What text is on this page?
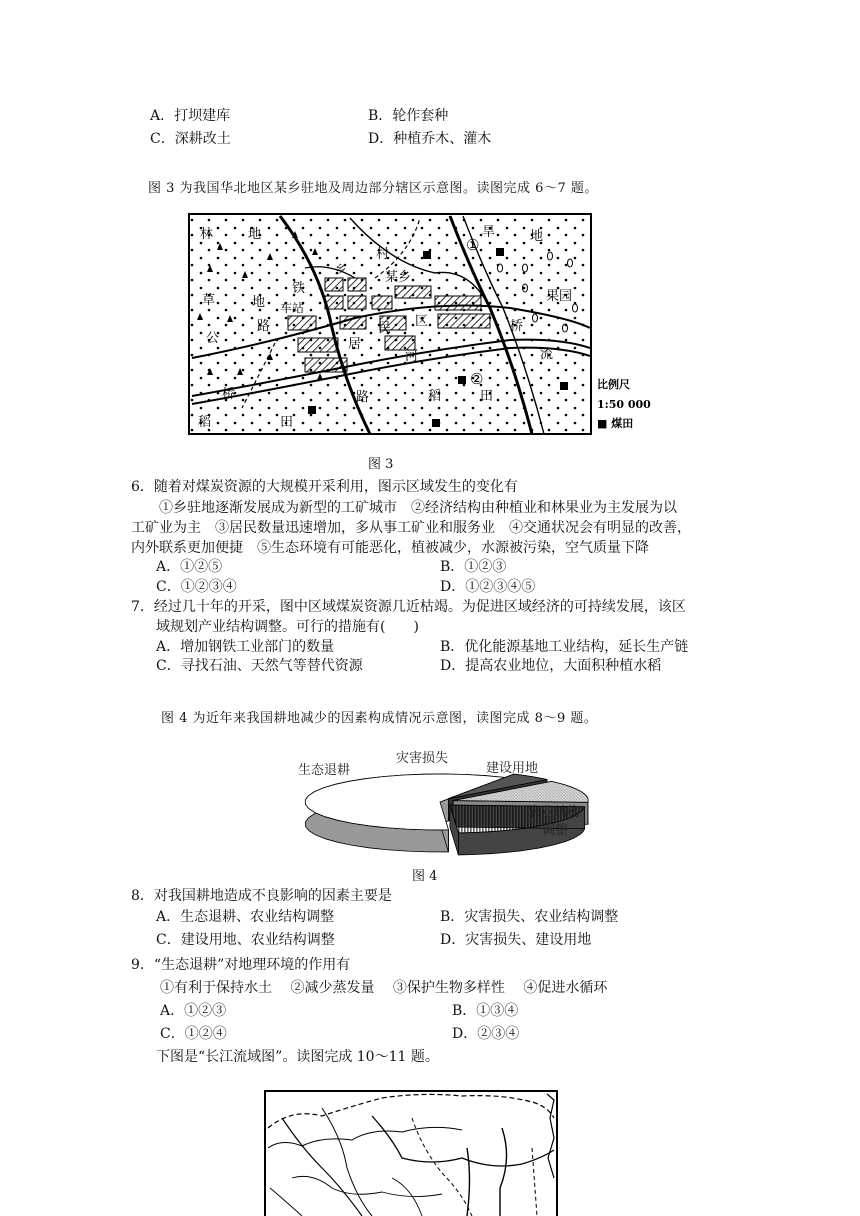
A．打坝建库	B．轮作套种
C．深耕改土	D．种植乔木、灌木
图 3 为我国华北地区某乡驻地及周边部分辖区示意图。读图完成 6～7 题。
林	地	旱	地
村
乡
某乡
铁
路
路
车站
草	地
公
果园
居
民 区	桥
桥
河	流
稻	田
稻	田
①
②	比例尺
1:50 000
■ 煤田
图 3
6．随着对煤炭资源的大规模开采利用，图示区域发生的变化有
①乡驻地逐渐发展成为新型的工矿城市　②经济结构由种植业和林果业为主发展为以
工矿业为主　③居民数量迅速增加，多从事工矿业和服务业　④交通状况会有明显的改善，
内外联系更加便捷　⑤生态环境有可能恶化，植被减少，水源被污染，空气质量下降
A．①②⑤	B．①②③
C．①②③④	D．①②③④⑤
7．经过几十年的开采，图中区域煤炭资源几近枯竭。为促进区域经济的可持续发展，该区
域规划产业结构调整。可行的措施有(　　)
A．增加钢铁工业部门的数量	B．优化能源基地工业结构，延长生产链
C．寻找石油、天然气等替代资源	D．提高农业地位，大面积种植水稻
图 4 为近年来我国耕地减少的因素构成情况示意图，读图完成 8～9 题。
生态退耕
灾害损失
建设用地
农业结构
调整
图 4
8．对我国耕地造成不良影响的因素主要是
A．生态退耕、农业结构调整	B．灾害损失、农业结构调整
C．建设用地、农业结构调整	D．灾害损失、建设用地
9．“生态退耕”对地理环境的作用有
①有利于保持水土　 ②减少蒸发量　 ③保护生物多样性　 ④促进水循环
A．①②③	B．①③④
C．①②④	D．②③④
下图是“长江流域图”。读图完成 10～11 题。
